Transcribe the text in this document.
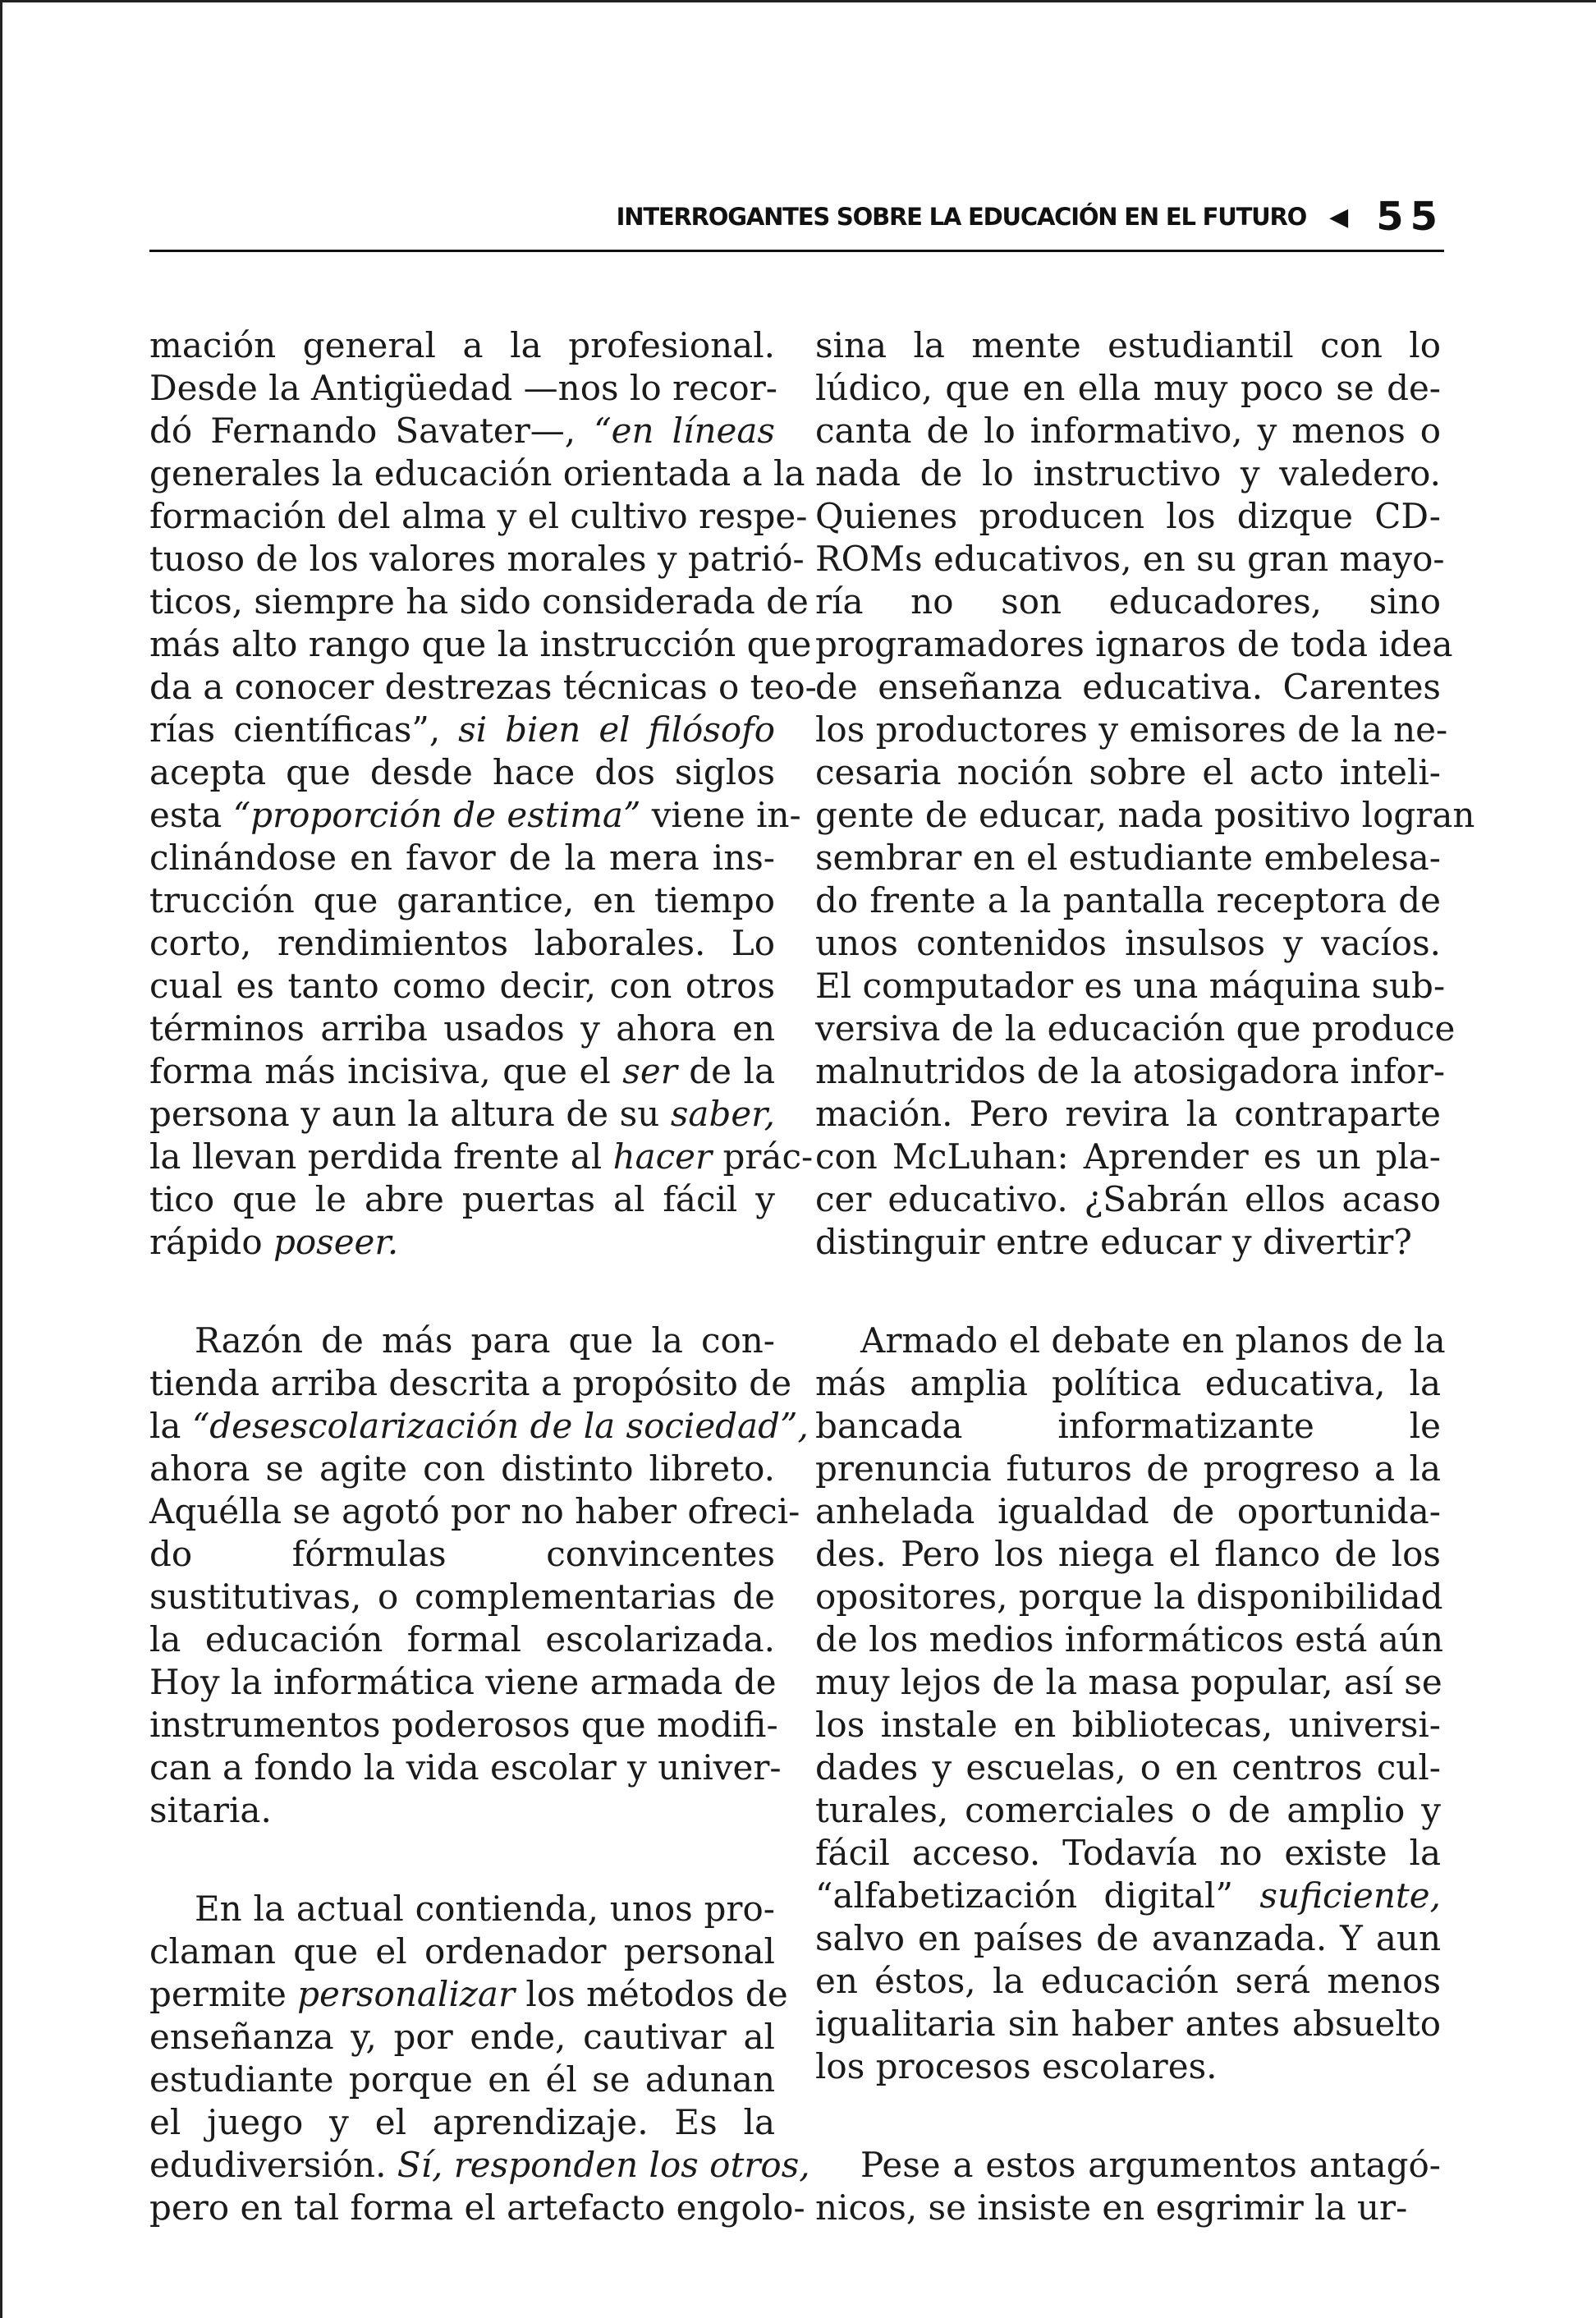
INTERROGANTES SOBRE LA EDUCACIÓN EN EL FUTURO ◀ 55

mación general a la profesional.
Desde la Antigüedad —nos lo recor-
dó Fernando Savater—, “en líneas
generales la educación orientada a la
formación del alma y el cultivo respe-
tuoso de los valores morales y patrió-
ticos, siempre ha sido considerada de
más alto rango que la instrucción que
da a conocer destrezas técnicas o teo-
rías científicas”, si bien el filósofo
acepta que desde hace dos siglos
esta “proporción de estima” viene in-
clinándose en favor de la mera ins-
trucción que garantice, en tiempo
corto, rendimientos laborales. Lo
cual es tanto como decir, con otros
términos arriba usados y ahora en
forma más incisiva, que el ser de la
persona y aun la altura de su saber,
la llevan perdida frente al hacer prác-
tico que le abre puertas al fácil y
rápido poseer.

Razón de más para que la con-
tienda arriba descrita a propósito de
la “desescolarización de la sociedad”,
ahora se agite con distinto libreto.
Aquélla se agotó por no haber ofreci-
do fórmulas convincentes
sustitutivas, o complementarias de
la educación formal escolarizada.
Hoy la informática viene armada de
instrumentos poderosos que modifi-
can a fondo la vida escolar y univer-
sitaria.

En la actual contienda, unos pro-
claman que el ordenador personal
permite personalizar los métodos de
enseñanza y, por ende, cautivar al
estudiante porque en él se adunan
el juego y el aprendizaje. Es la
edudiversión. Sí, responden los otros,
pero en tal forma el artefacto engolo-

sina la mente estudiantil con lo
lúdico, que en ella muy poco se de-
canta de lo informativo, y menos o
nada de lo instructivo y valedero.
Quienes producen los dizque CD-
ROMs educativos, en su gran mayo-
ría no son educadores, sino
programadores ignaros de toda idea
de enseñanza educativa. Carentes
los productores y emisores de la ne-
cesaria noción sobre el acto inteli-
gente de educar, nada positivo logran
sembrar en el estudiante embelesa-
do frente a la pantalla receptora de
unos contenidos insulsos y vacíos.
El computador es una máquina sub-
versiva de la educación que produce
malnutridos de la atosigadora infor-
mación. Pero revira la contraparte
con McLuhan: Aprender es un pla-
cer educativo. ¿Sabrán ellos acaso
distinguir entre educar y divertir?

Armado el debate en planos de la
más amplia política educativa, la
bancada informatizante le
prenuncia futuros de progreso a la
anhelada igualdad de oportunida-
des. Pero los niega el flanco de los
opositores, porque la disponibilidad
de los medios informáticos está aún
muy lejos de la masa popular, así se
los instale en bibliotecas, universi-
dades y escuelas, o en centros cul-
turales, comerciales o de amplio y
fácil acceso. Todavía no existe la
“alfabetización digital” suficiente,
salvo en países de avanzada. Y aun
en éstos, la educación será menos
igualitaria sin haber antes absuelto
los procesos escolares.

Pese a estos argumentos antagó-
nicos, se insiste en esgrimir la ur-
